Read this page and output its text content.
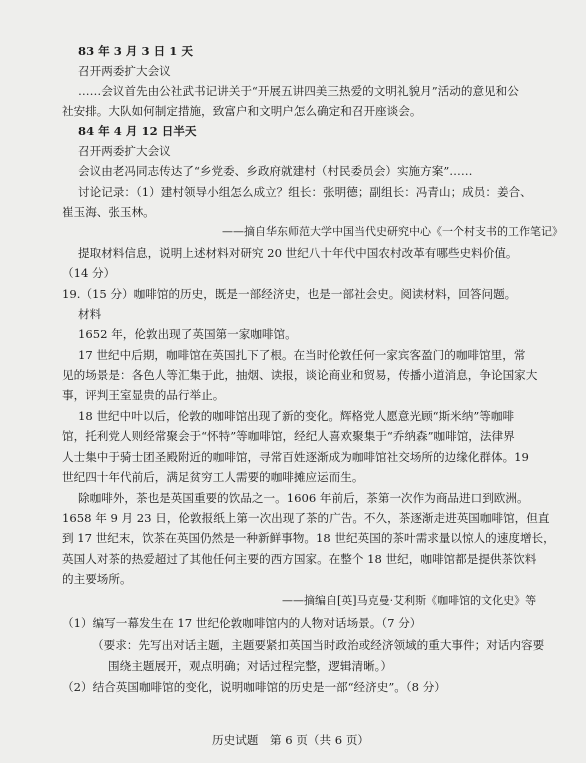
83 年 3 月 3 日 1 天
召开两委扩大会议
……会议首先由公社武书记讲关于“开展五讲四美三热爱的文明礼貌月”活动的意见和公
社安排。大队如何制定措施，致富户和文明户怎么确定和召开座谈会。
84 年 4 月 12 日半天
召开两委扩大会议
会议由老冯同志传达了“乡党委、乡政府就建村（村民委员会）实施方案”……
讨论记录：（1）建村领导小组怎么成立？组长：张明德；副组长：冯青山；成员：姜合、
崔玉海、张玉林。
——摘自华东师范大学中国当代史研究中心《一个村支书的工作笔记》
提取材料信息，说明上述材料对研究 20 世纪八十年代中国农村改革有哪些史料价值。
（14 分）
19.（15 分）咖啡馆的历史，既是一部经济史，也是一部社会史。阅读材料，回答问题。
材料
1652 年，伦敦出现了英国第一家咖啡馆。
17 世纪中后期，咖啡馆在英国扎下了根。在当时伦敦任何一家宾客盈门的咖啡馆里，常
见的场景是：各色人等汇集于此，抽烟、读报，谈论商业和贸易，传播小道消息，争论国家大
事，评判王室显贵的品行举止。
18 世纪中叶以后，伦敦的咖啡馆出现了新的变化。辉格党人愿意光顾“斯米纳”等咖啡
馆，托利党人则经常聚会于“怀特”等咖啡馆，经纪人喜欢聚集于“乔纳森”咖啡馆，法律界
人士集中于骑士团圣殿附近的咖啡馆，寻常百姓逐渐成为咖啡馆社交场所的边缘化群体。19
世纪四十年代前后，满足贫穷工人需要的咖啡摊应运而生。
除咖啡外，茶也是英国重要的饮品之一。1606 年前后，茶第一次作为商品进口到欧洲。
1658 年 9 月 23 日，伦敦报纸上第一次出现了茶的广告。不久，茶逐渐走进英国咖啡馆，但直
到 17 世纪末，饮茶在英国仍然是一种新鲜事物。18 世纪英国的茶叶需求量以惊人的速度增长，
英国人对茶的热爱超过了其他任何主要的西方国家。在整个 18 世纪，咖啡馆都是提供茶饮料
的主要场所。
——摘编自[英]马克曼·艾利斯《咖啡馆的文化史》等
（1）编写一幕发生在 17 世纪伦敦咖啡馆内的人物对话场景。（7 分）
（要求：先写出对话主题，主题要紧扣英国当时政治或经济领域的重大事件；对话内容要
围绕主题展开，观点明确；对话过程完整，逻辑清晰。）
（2）结合英国咖啡馆的变化，说明咖啡馆的历史是一部“经济史”。（8 分）
历史试题　第 6 页（共 6 页）
